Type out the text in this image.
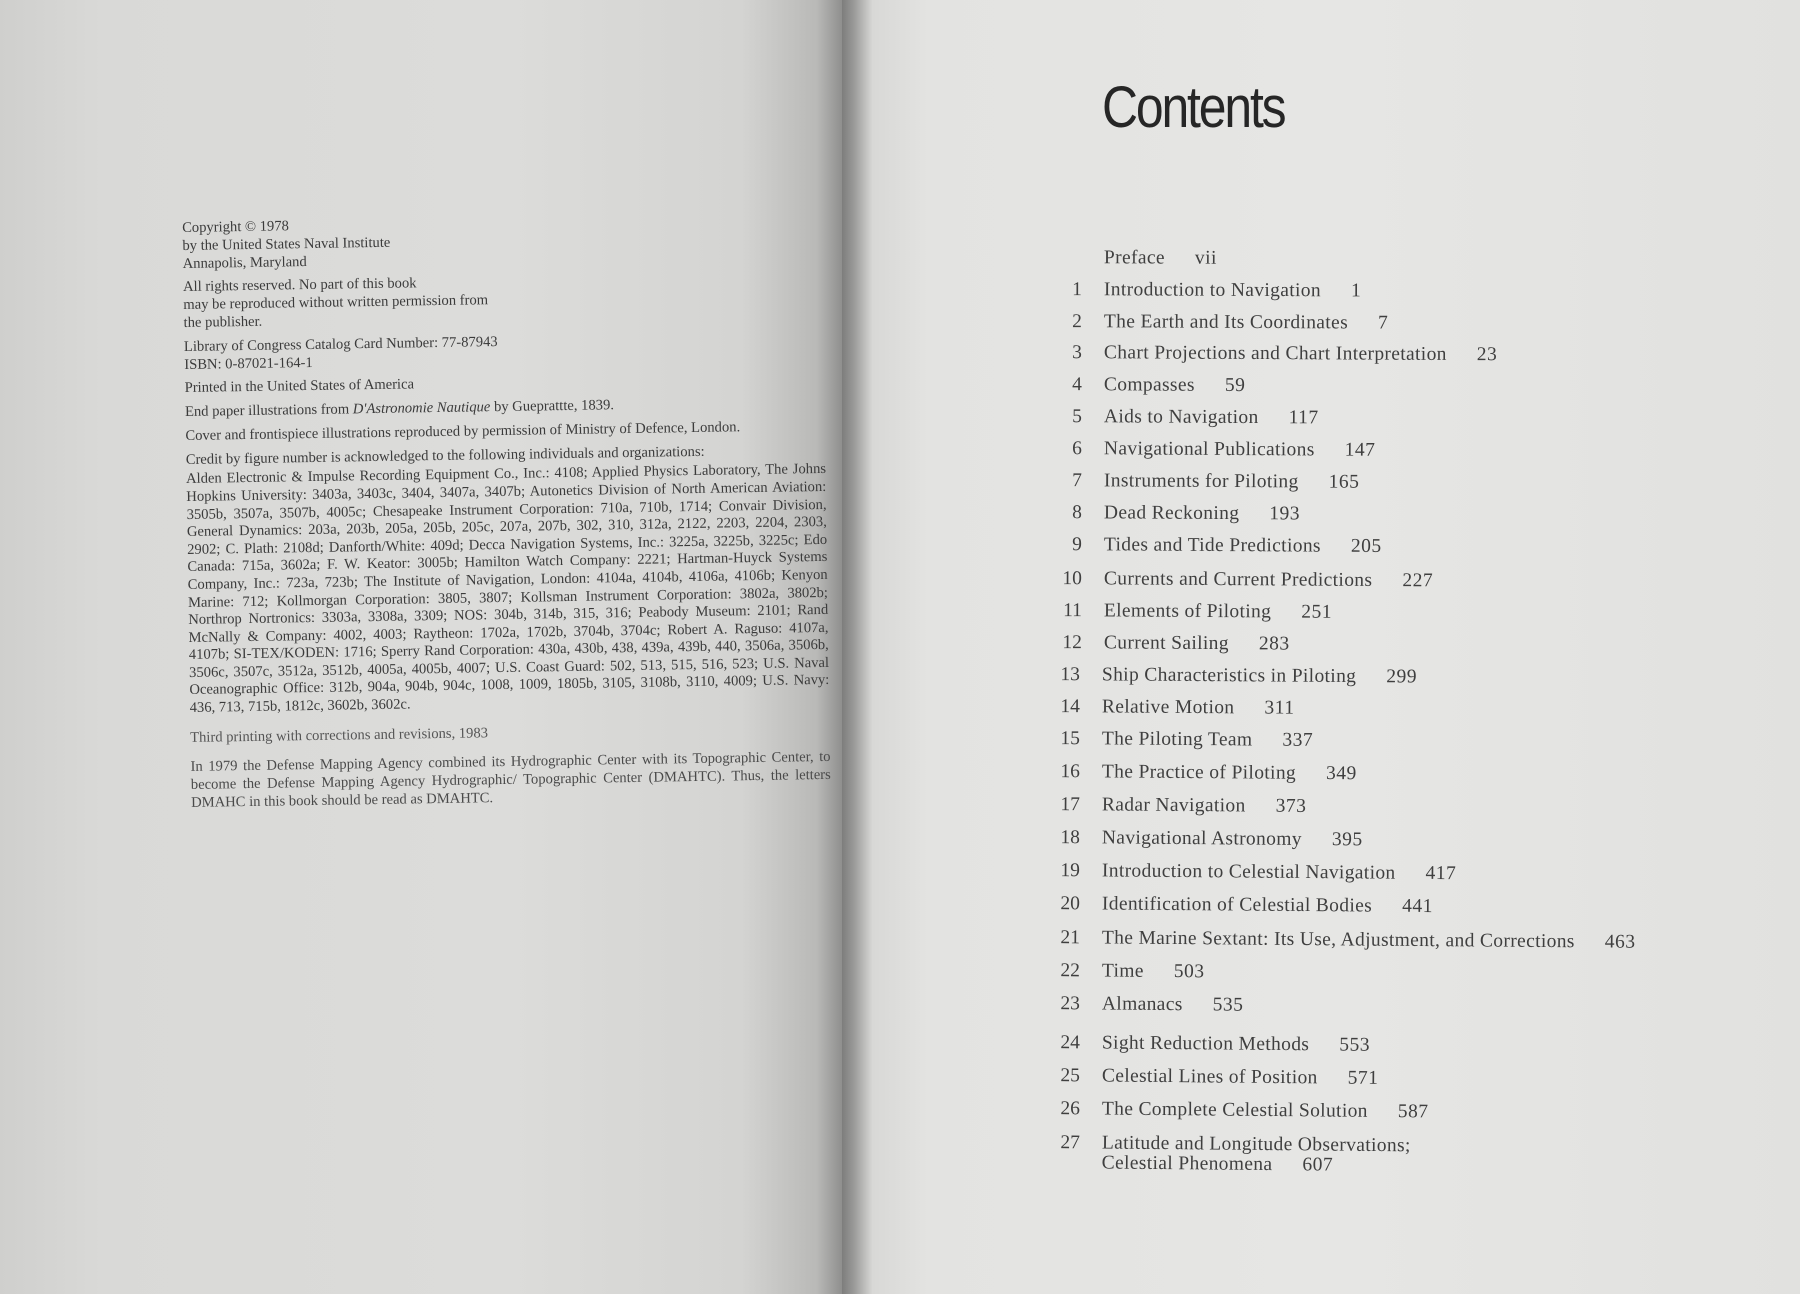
Copyright © 1978
by the United States Naval Institute
Annapolis, Maryland
All rights reserved. No part of this book
may be reproduced without written permission from
the publisher.
Library of Congress Catalog Card Number: 77-87943
ISBN: 0-87021-164-1
Printed in the United States of America
End paper illustrations from D'Astronomie Nautique by Gueprattte, 1839.
Cover and frontispiece illustrations reproduced by permission of Ministry of Defence, London.
Credit by figure number is acknowledged to the following individuals and organizations:
Alden Electronic & Impulse Recording Equipment Co., Inc.: 4108; Applied Physics Laboratory, The Johns Hopkins University: 3403a, 3403c, 3404, 3407a, 3407b; Autonetics Division of North American Aviation: 3505b, 3507a, 3507b, 4005c; Chesapeake Instrument Corporation: 710a, 710b, 1714; Convair Division, General Dynamics: 203a, 203b, 205a, 205b, 205c, 207a, 207b, 302, 310, 312a, 2122, 2203, 2204, 2303, 2902; C. Plath: 2108d; Danforth/White: 409d; Decca Navigation Systems, Inc.: 3225a, 3225b, 3225c; Edo Canada: 715a, 3602a; F. W. Keator: 3005b; Hamilton Watch Company: 2221; Hartman-Huyck Systems Company, Inc.: 723a, 723b; The Institute of Navigation, London: 4104a, 4104b, 4106a, 4106b; Kenyon Marine: 712; Kollmorgan Corporation: 3805, 3807; Kollsman Instrument Corporation: 3802a, 3802b; Northrop Nortronics: 3303a, 3308a, 3309; NOS: 304b, 314b, 315, 316; Peabody Museum: 2101; Rand McNally & Company: 4002, 4003; Raytheon: 1702a, 1702b, 3704b, 3704c; Robert A. Raguso: 4107a, 4107b; SI-TEX/KODEN: 1716; Sperry Rand Corporation: 430a, 430b, 438, 439a, 439b, 440, 3506a, 3506b, 3506c, 3507c, 3512a, 3512b, 4005a, 4005b, 4007; U.S. Coast Guard: 502, 513, 515, 516, 523; U.S. Naval Oceanographic Office: 312b, 904a, 904b, 904c, 1008, 1009, 1805b, 3105, 3108b, 3110, 4009; U.S. Navy: 436, 713, 715b, 1812c, 3602b, 3602c.
Third printing with corrections and revisions, 1983
In 1979 the Defense Mapping Agency combined its Hydrographic Center with its Topographic Center, to become the Defense Mapping Agency Hydrographic/ Topographic Center (DMAHTC). Thus, the letters DMAHC in this book should be read as DMAHTC.
Contents
Preface vii
1 Introduction to Navigation 1
2 The Earth and Its Coordinates 7
3 Chart Projections and Chart Interpretation 23
4 Compasses 59
5 Aids to Navigation 117
6 Navigational Publications 147
7 Instruments for Piloting 165
8 Dead Reckoning 193
9 Tides and Tide Predictions 205
10 Currents and Current Predictions 227
11 Elements of Piloting 251
12 Current Sailing 283
13 Ship Characteristics in Piloting 299
14 Relative Motion 311
15 The Piloting Team 337
16 The Practice of Piloting 349
17 Radar Navigation 373
18 Navigational Astronomy 395
19 Introduction to Celestial Navigation 417
20 Identification of Celestial Bodies 441
21 The Marine Sextant: Its Use, Adjustment, and Corrections 463
22 Time 503
23 Almanacs 535
24 Sight Reduction Methods 553
25 Celestial Lines of Position 571
26 The Complete Celestial Solution 587
27 Latitude and Longitude Observations;
Celestial Phenomena 607
